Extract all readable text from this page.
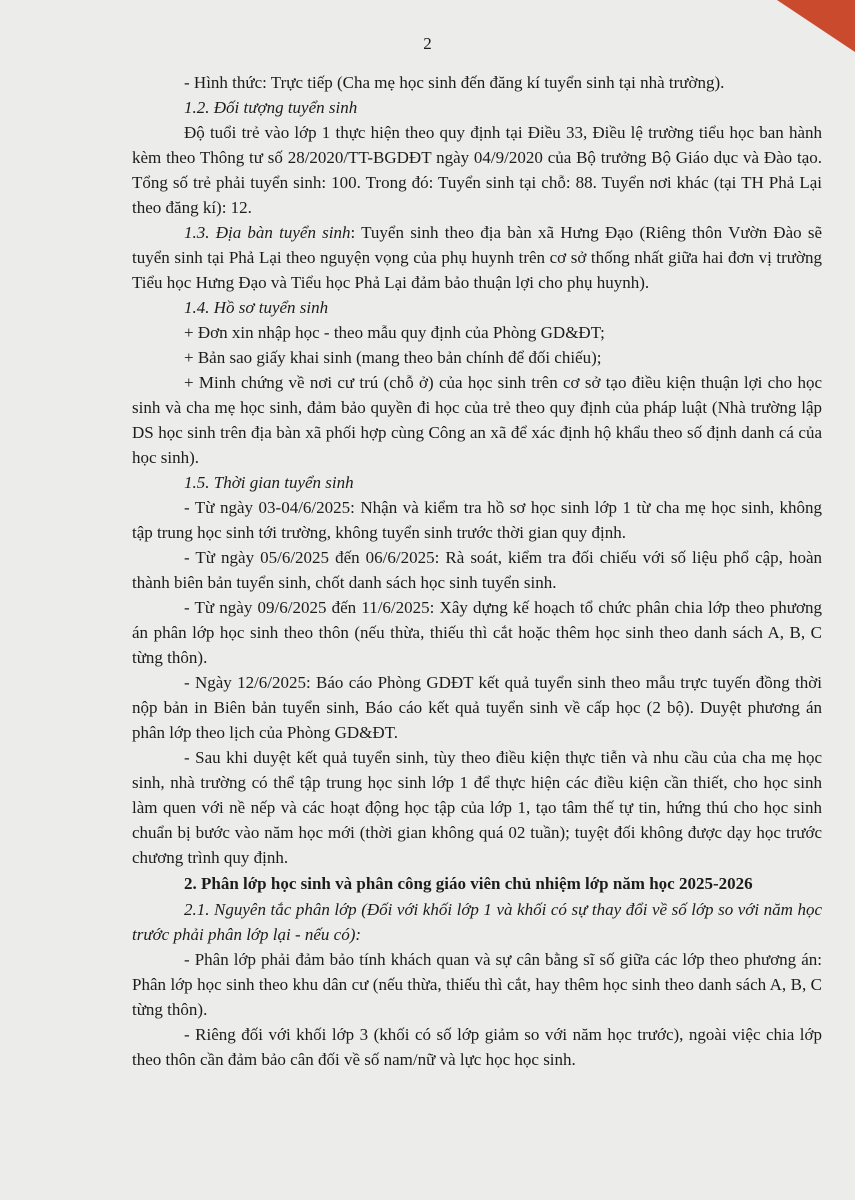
2

- Hình thức: Trực tiếp (Cha mẹ học sinh đến đăng kí tuyển sinh tại nhà trường).

1.2. Đối tượng tuyển sinh

Độ tuổi trẻ vào lớp 1 thực hiện theo quy định tại Điều 33, Điều lệ trường tiểu học ban hành kèm theo Thông tư số 28/2020/TT-BGDĐT ngày 04/9/2020 của Bộ trưởng Bộ Giáo dục và Đào tạo. Tổng số trẻ phải tuyển sinh: 100. Trong đó: Tuyển sinh tại chỗ: 88. Tuyển nơi khác (tại TH Phả Lại theo đăng kí): 12.

1.3. Địa bàn tuyển sinh: Tuyển sinh theo địa bàn xã Hưng Đạo (Riêng thôn Vườn Đào sẽ tuyển sinh tại Phả Lại theo nguyện vọng của phụ huynh trên cơ sở thống nhất giữa hai đơn vị trường Tiểu học Hưng Đạo và Tiểu học Phả Lại đảm bảo thuận lợi cho phụ huynh).

1.4. Hồ sơ tuyển sinh

+ Đơn xin nhập học - theo mẫu quy định của Phòng GD&ĐT;

+ Bản sao giấy khai sinh (mang theo bản chính để đối chiếu);

+ Minh chứng về nơi cư trú (chỗ ở) của học sinh trên cơ sở tạo điều kiện thuận lợi cho học sinh và cha mẹ học sinh, đảm bảo quyền đi học của trẻ theo quy định của pháp luật (Nhà trường lập DS học sinh trên địa bàn xã phối hợp cùng Công an xã để xác định hộ khẩu theo số định danh cá của học sinh).

1.5. Thời gian tuyển sinh

- Từ ngày 03-04/6/2025: Nhận và kiểm tra hồ sơ học sinh lớp 1 từ cha mẹ học sinh, không tập trung học sinh tới trường, không tuyển sinh trước thời gian quy định.

- Từ ngày 05/6/2025 đến 06/6/2025: Rà soát, kiểm tra đối chiếu với số liệu phổ cập, hoàn thành biên bản tuyển sinh, chốt danh sách học sinh tuyển sinh.

- Từ ngày 09/6/2025 đến 11/6/2025: Xây dựng kế hoạch tổ chức phân chia lớp theo phương án phân lớp học sinh theo thôn (nếu thừa, thiếu thì cắt hoặc thêm học sinh theo danh sách A, B, C từng thôn).

- Ngày 12/6/2025: Báo cáo Phòng GDĐT kết quả tuyển sinh theo mẫu trực tuyến đồng thời nộp bản in Biên bản tuyển sinh, Báo cáo kết quả tuyển sinh về cấp học (2 bộ). Duyệt phương án phân lớp theo lịch của Phòng GD&ĐT.

- Sau khi duyệt kết quả tuyển sinh, tùy theo điều kiện thực tiễn và nhu cầu của cha mẹ học sinh, nhà trường có thể tập trung học sinh lớp 1 để thực hiện các điều kiện cần thiết, cho học sinh làm quen với nề nếp và các hoạt động học tập của lớp 1, tạo tâm thế tự tin, hứng thú cho học sinh chuẩn bị bước vào năm học mới (thời gian không quá 02 tuần); tuyệt đối không được dạy học trước chương trình quy định.

2. Phân lớp học sinh và phân công giáo viên chủ nhiệm lớp năm học 2025-2026

2.1. Nguyên tắc phân lớp (Đối với khối lớp 1 và khối có sự thay đổi về số lớp so với năm học trước phải phân lớp lại - nếu có):

- Phân lớp phải đảm bảo tính khách quan và sự cân bằng sĩ số giữa các lớp theo phương án: Phân lớp học sinh theo khu dân cư (nếu thừa, thiếu thì cắt, hay thêm học sinh theo danh sách A, B, C từng thôn).

- Riêng đối với khối lớp 3 (khối có số lớp giảm so với năm học trước), ngoài việc chia lớp theo thôn cần đảm bảo cân đối về số nam/nữ và lực học học sinh.
